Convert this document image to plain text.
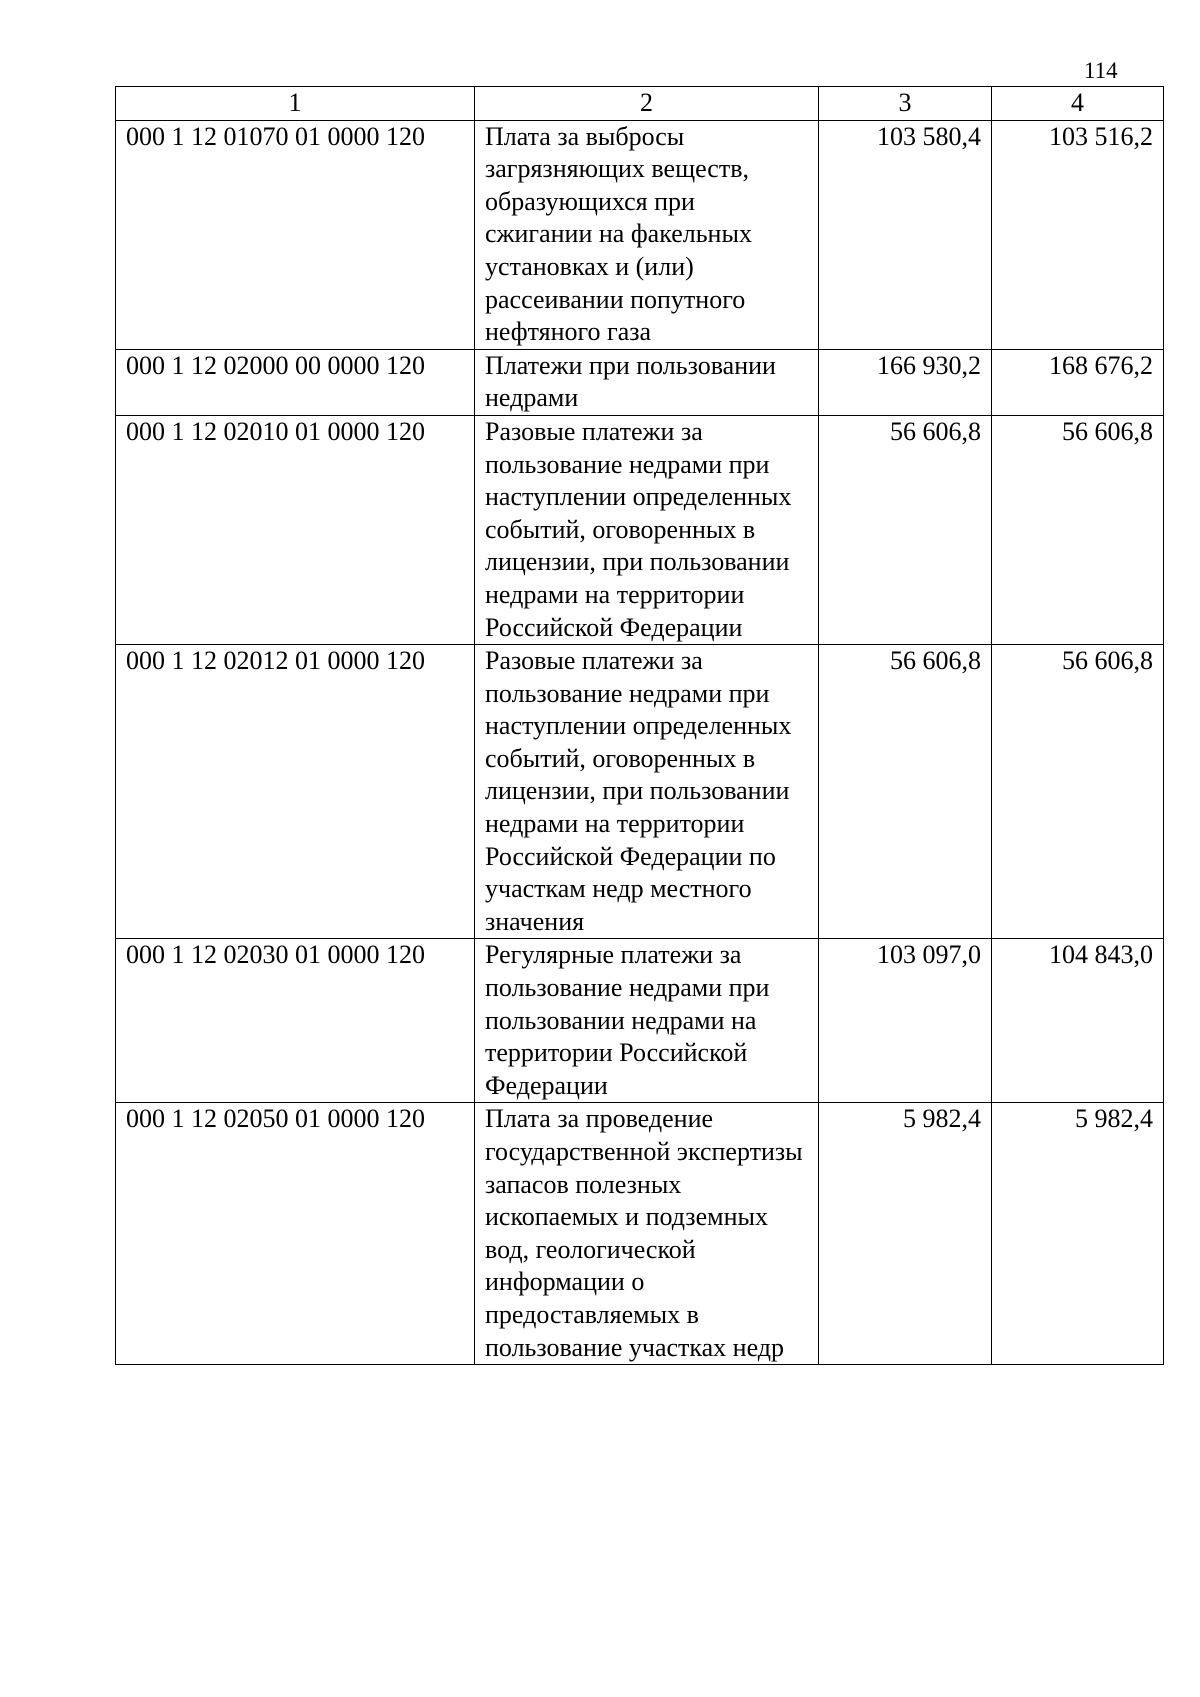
114
1	2	3	4
000 1 12 01070 01 0000 120	Плата за выбросы загрязняющих веществ, образующихся при сжигании на факельных установках и (или) рассеивании попутного нефтяного газа	103 580,4	103 516,2
000 1 12 02000 00 0000 120	Платежи при пользовании недрами	166 930,2	168 676,2
000 1 12 02010 01 0000 120	Разовые платежи за пользование недрами при наступлении определенных событий, оговоренных в лицензии, при пользовании недрами на территории Российской Федерации	56 606,8	56 606,8
000 1 12 02012 01 0000 120	Разовые платежи за пользование недрами при наступлении определенных событий, оговоренных в лицензии, при пользовании недрами на территории Российской Федерации по участкам недр местного значения	56 606,8	56 606,8
000 1 12 02030 01 0000 120	Регулярные платежи за пользование недрами при пользовании недрами на территории Российской Федерации	103 097,0	104 843,0
000 1 12 02050 01 0000 120	Плата за проведение государственной экспертизы запасов полезных ископаемых и подземных вод, геологической информации о предоставляемых в пользование участках недр	5 982,4	5 982,4
